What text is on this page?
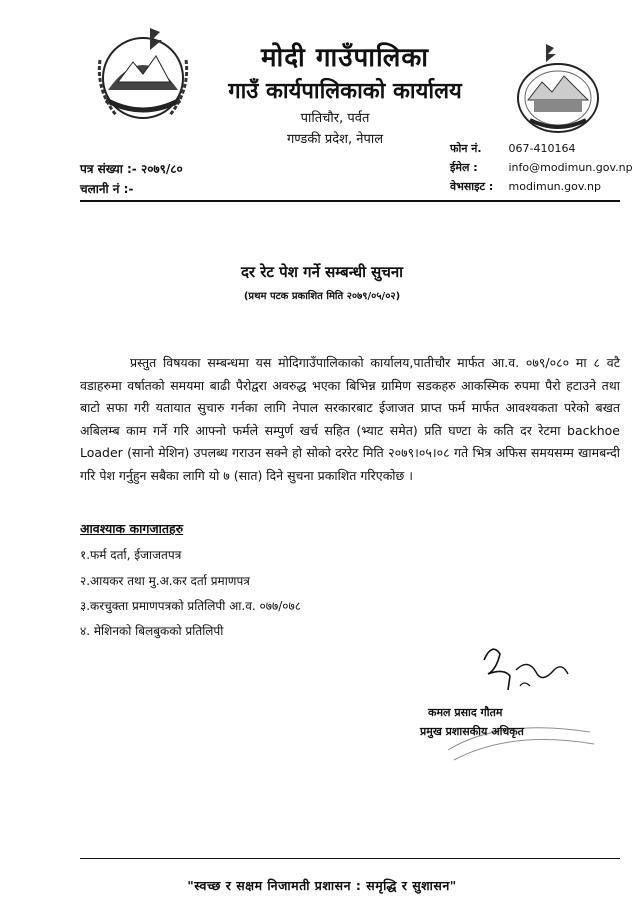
मोदी गाउँपालिका
गाउँ कार्यपालिकाको कार्यालय
पातिचौर, पर्वत
गण्डकी प्रदेश, नेपाल
फोन नं. 067-410164
ईमेल :	info@modimun.gov.np
वेभसाइट : modimun.gov.np
पत्र संख्या :- २०७९/८०
चलानी नं :-
दर रेट पेश गर्ने सम्बन्धी सुचना
(प्रथम पटक प्रकाशित मिति २०७९/०५/०२)
प्रस्तुत विषयका सम्बन्धमा यस मोदिगाउँपालिकाको कार्यालय,पातीचौर मार्फत आ.व. ०७९/०८० मा ८ वटै वडाहरुमा वर्षातको समयमा बाढी पैरोद्वरा अवरुद्ध भएका बिभिन्न ग्रामिण सडकहरु आकस्मिक रुपमा पैरो हटाउने तथा बाटो सफा गरी यतायात सुचारु गर्नका लागि नेपाल सरकारबाट ईजाजत प्राप्त फर्म मार्फत आवश्यकता परेको बखत अबिलम्ब काम गर्ने गरि आफ्नो फर्मले सम्पुर्ण खर्च सहित (भ्याट समेत) प्रति घण्टा के कति दर रेटमा backhoe Loader (सानो मेशिन) उपलब्ध गराउन सक्ने हो सोको दररेट मिति २०७९।०५।०८ गते भित्र अफिस समयसम्म खामबन्दी गरि पेश गर्नुहुन सबैका लागि यो ७ (सात) दिने सुचना प्रकाशित गरिएकोछ ।
आवश्याक कागजातहरु
१.फर्म दर्ता, ईजाजतपत्र
२.आयकर तथा मु.अ.कर दर्ता प्रमाणपत्र
३.करचुक्ता प्रमाणपत्रको प्रतिलिपी आ.व. ०७७/०७८
४. मेशिनको बिलबुकको प्रतिलिपी
कमल प्रसाद गौतम
प्रमुख प्रशासकीय अधिकृत
"स्वच्छ र सक्षम निजामती प्रशासन : समृद्धि र सुशासन"
